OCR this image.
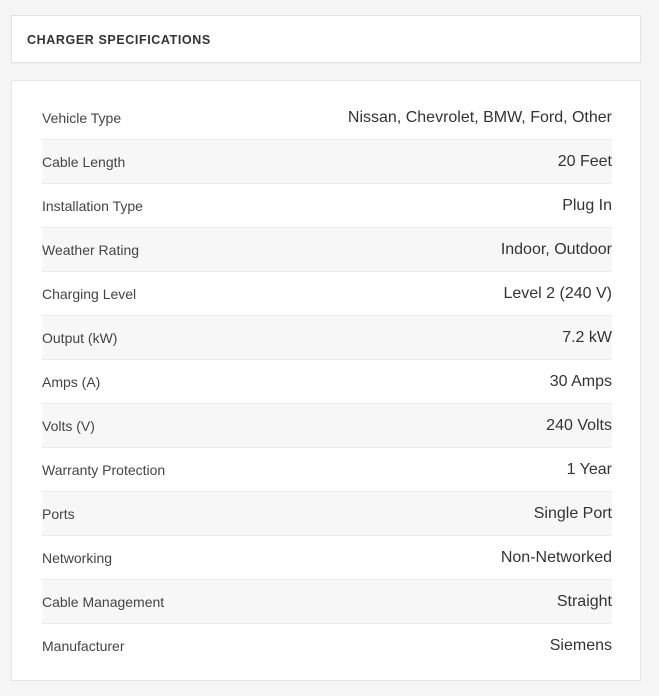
CHARGER SPECIFICATIONS
Vehicle Type	Nissan, Chevrolet, BMW, Ford, Other
Cable Length	20 Feet
Installation Type	Plug In
Weather Rating	Indoor, Outdoor
Charging Level	Level 2 (240 V)
Output (kW)	7.2 kW
Amps (A)	30 Amps
Volts (V)	240 Volts
Warranty Protection	1 Year
Ports	Single Port
Networking	Non-Networked
Cable Management	Straight
Manufacturer	Siemens
